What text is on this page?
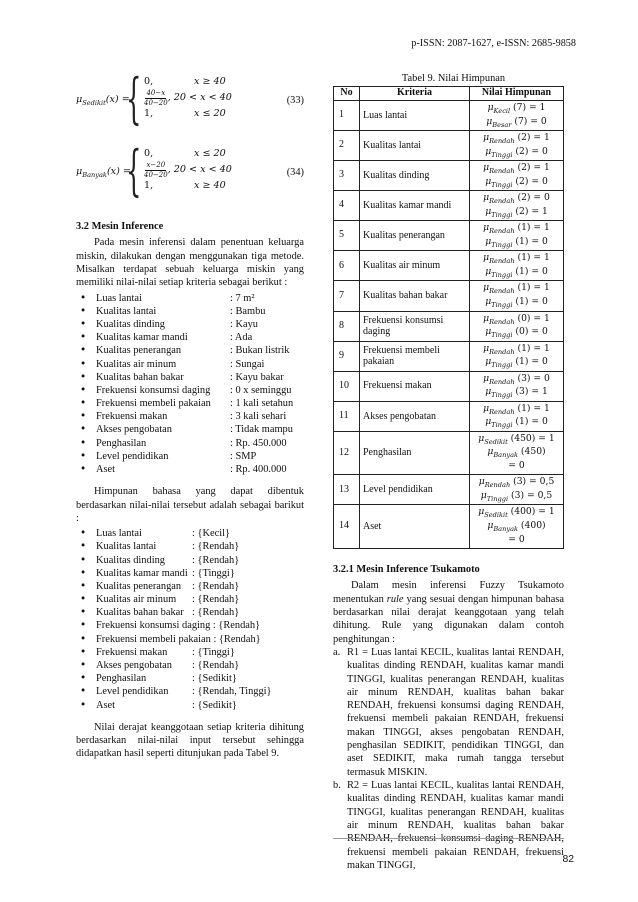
p-ISSN: 2087-1627, e-ISSN: 2685-9858
$\mu_{Sedikit}(x)$ =
{ 0,	x ≥ 40
$\frac{40-x}{40-20}$ , 20 < x < 40
1,	x ≤ 20
(33)
$\mu_{Banyak}(x)$ =
{ 0,	x ≤ 20
$\frac{x-20}{40-20}$ , 20 < x < 40
1,	x ≥ 40
(34)
3.2 Mesin Inference

Pada mesin inferensi dalam penentuan keluarga miskin, dilakukan dengan menggunakan tiga metode. Misalkan terdapat sebuah keluarga miskin yang memiliki nilai-nilai setiap kriteria sebagai berikut :

• Luas lantai	: 7 m²
• Kualitas lantai	: Bambu
• Kualitas dinding	: Kayu
• Kualitas kamar mandi	: Ada
• Kualitas penerangan	: Bukan listrik
• Kualitas air minum	: Sungai
• Kualitas bahan bakar	: Kayu bakar
• Frekuensi konsumsi daging : 0 x seminggu
• Frekuensi membeli pakaian : 1 kali setahun
• Frekuensi makan	: 3 kali sehari
• Akses pengobatan	: Tidak mampu
• Penghasilan	: Rp. 450.000
• Level pendidikan	: SMP
• Aset	: Rp. 400.000

Himpunan bahasa yang dapat dibentuk berdasarkan nilai-nilai tersebut adalah sebagai barikut :

• Luas lantai	: {Kecil}
• Kualitas lantai	: {Rendah}
• Kualitas dinding	: {Rendah}
• Kualitas kamar mandi : {Tinggi}
• Kualitas penerangan : {Rendah}
• Kualitas air minum : {Rendah}
• Kualitas bahan bakar : {Rendah}
• Frekuensi konsumsi daging : {Rendah}
• Frekuensi membeli pakaian : {Rendah}
• Frekuensi makan : {Tinggi}
• Akses pengobatan : {Rendah}
• Penghasilan	: {Sedikit}
• Level pendidikan : {Rendah, Tinggi}
• Aset	: {Sedikit}

Nilai derajat keanggotaan setiap kriteria dihitung berdasarkan nilai-nilai input tersebut sehingga didapatkan hasil seperti ditunjukan pada Tabel 9.

Tabel 9. Nilai Himpunan
No	Kriteria	Nilai Himpunan
1	Luas lantai	$\mu_{Kecil}$ (7) = 1
$\mu_{Besar}$ (7) = 0

2	Kualitas lantai	$\mu_{Rendah}$ (2) = 1
$\mu_{Tinggi}$ (2) = 0

3	Kualitas dinding	$\mu_{Rendah}$ (2) = 1
$\mu_{Tinggi}$ (2) = 0

4	Kualitas kamar mandi	$\mu_{Rendah}$ (2) = 0
$\mu_{Tinggi}$ (2) = 1

5	Kualitas penerangan	$\mu_{Rendah}$ (1) = 1
$\mu_{Tinggi}$ (1) = 0

6	Kualitas air minum	$\mu_{Rendah}$ (1) = 1
$\mu_{Tinggi}$ (1) = 0

7	Kualitas bahan bakar	$\mu_{Rendah}$ (1) = 1
$\mu_{Tinggi}$ (1) = 0

8	Frekuensi konsumsi daging	$\mu_{Rendah}$ (0) = 1
$\mu_{Tinggi}$ (0) = 0

9	Frekuensi membeli pakaian	$\mu_{Rendah}$ (1) = 1
$\mu_{Tinggi}$ (1) = 0

10	Frekuensi makan	$\mu_{Rendah}$ (3) = 0
$\mu_{Tinggi}$ (3) = 1

11	Akses pengobatan	$\mu_{Rendah}$ (1) = 1
$\mu_{Tinggi}$ (1) = 0

12	Penghasilan	$\mu_{Sedikit}$ (450) = 1
$\mu_{Banyak}$ (450)
= 0

13	Level pendidikan	$\mu_{Rendah}$ (3) = 0,5
$\mu_{Tinggi}$ (3) = 0,5

14	Aset	$\mu_{Sedikit}$ (400) = 1
$\mu_{Banyak}$ (400)
= 0
3.2.1 Mesin Inference Tsukamoto

Dalam mesin inferensi Fuzzy Tsukamoto menentukan rule yang sesuai dengan himpunan bahasa berdasarkan nilai derajat keanggotaan yang telah dihitung. Rule yang digunakan dalam contoh penghitungan :

a. R1 = Luas lantai KECIL, kualitas lantai RENDAH, kualitas dinding RENDAH, kualitas kamar mandi TINGGI, kualitas penerangan RENDAH, kualitas air minum RENDAH, kualitas bahan bakar RENDAH, frekuensi konsumsi daging RENDAH, frekuensi membeli pakaian RENDAH, frekuensi makan TINGGI, akses pengobatan RENDAH, penghasilan SEDIKIT, pendidikan TINGGI, dan aset SEDIKIT, maka rumah tangga tersebut termasuk MISKIN.
b. R2 = Luas lantai KECIL, kualitas lantai RENDAH, kualitas dinding RENDAH, kualitas kamar mandi TINGGI, kualitas penerangan RENDAH, kualitas air minum RENDAH, kualitas bahan bakar RENDAH, frekuensi konsumsi daging RENDAH, frekuensi membeli pakaian RENDAH, frekuensi makan TINGGI,
82
